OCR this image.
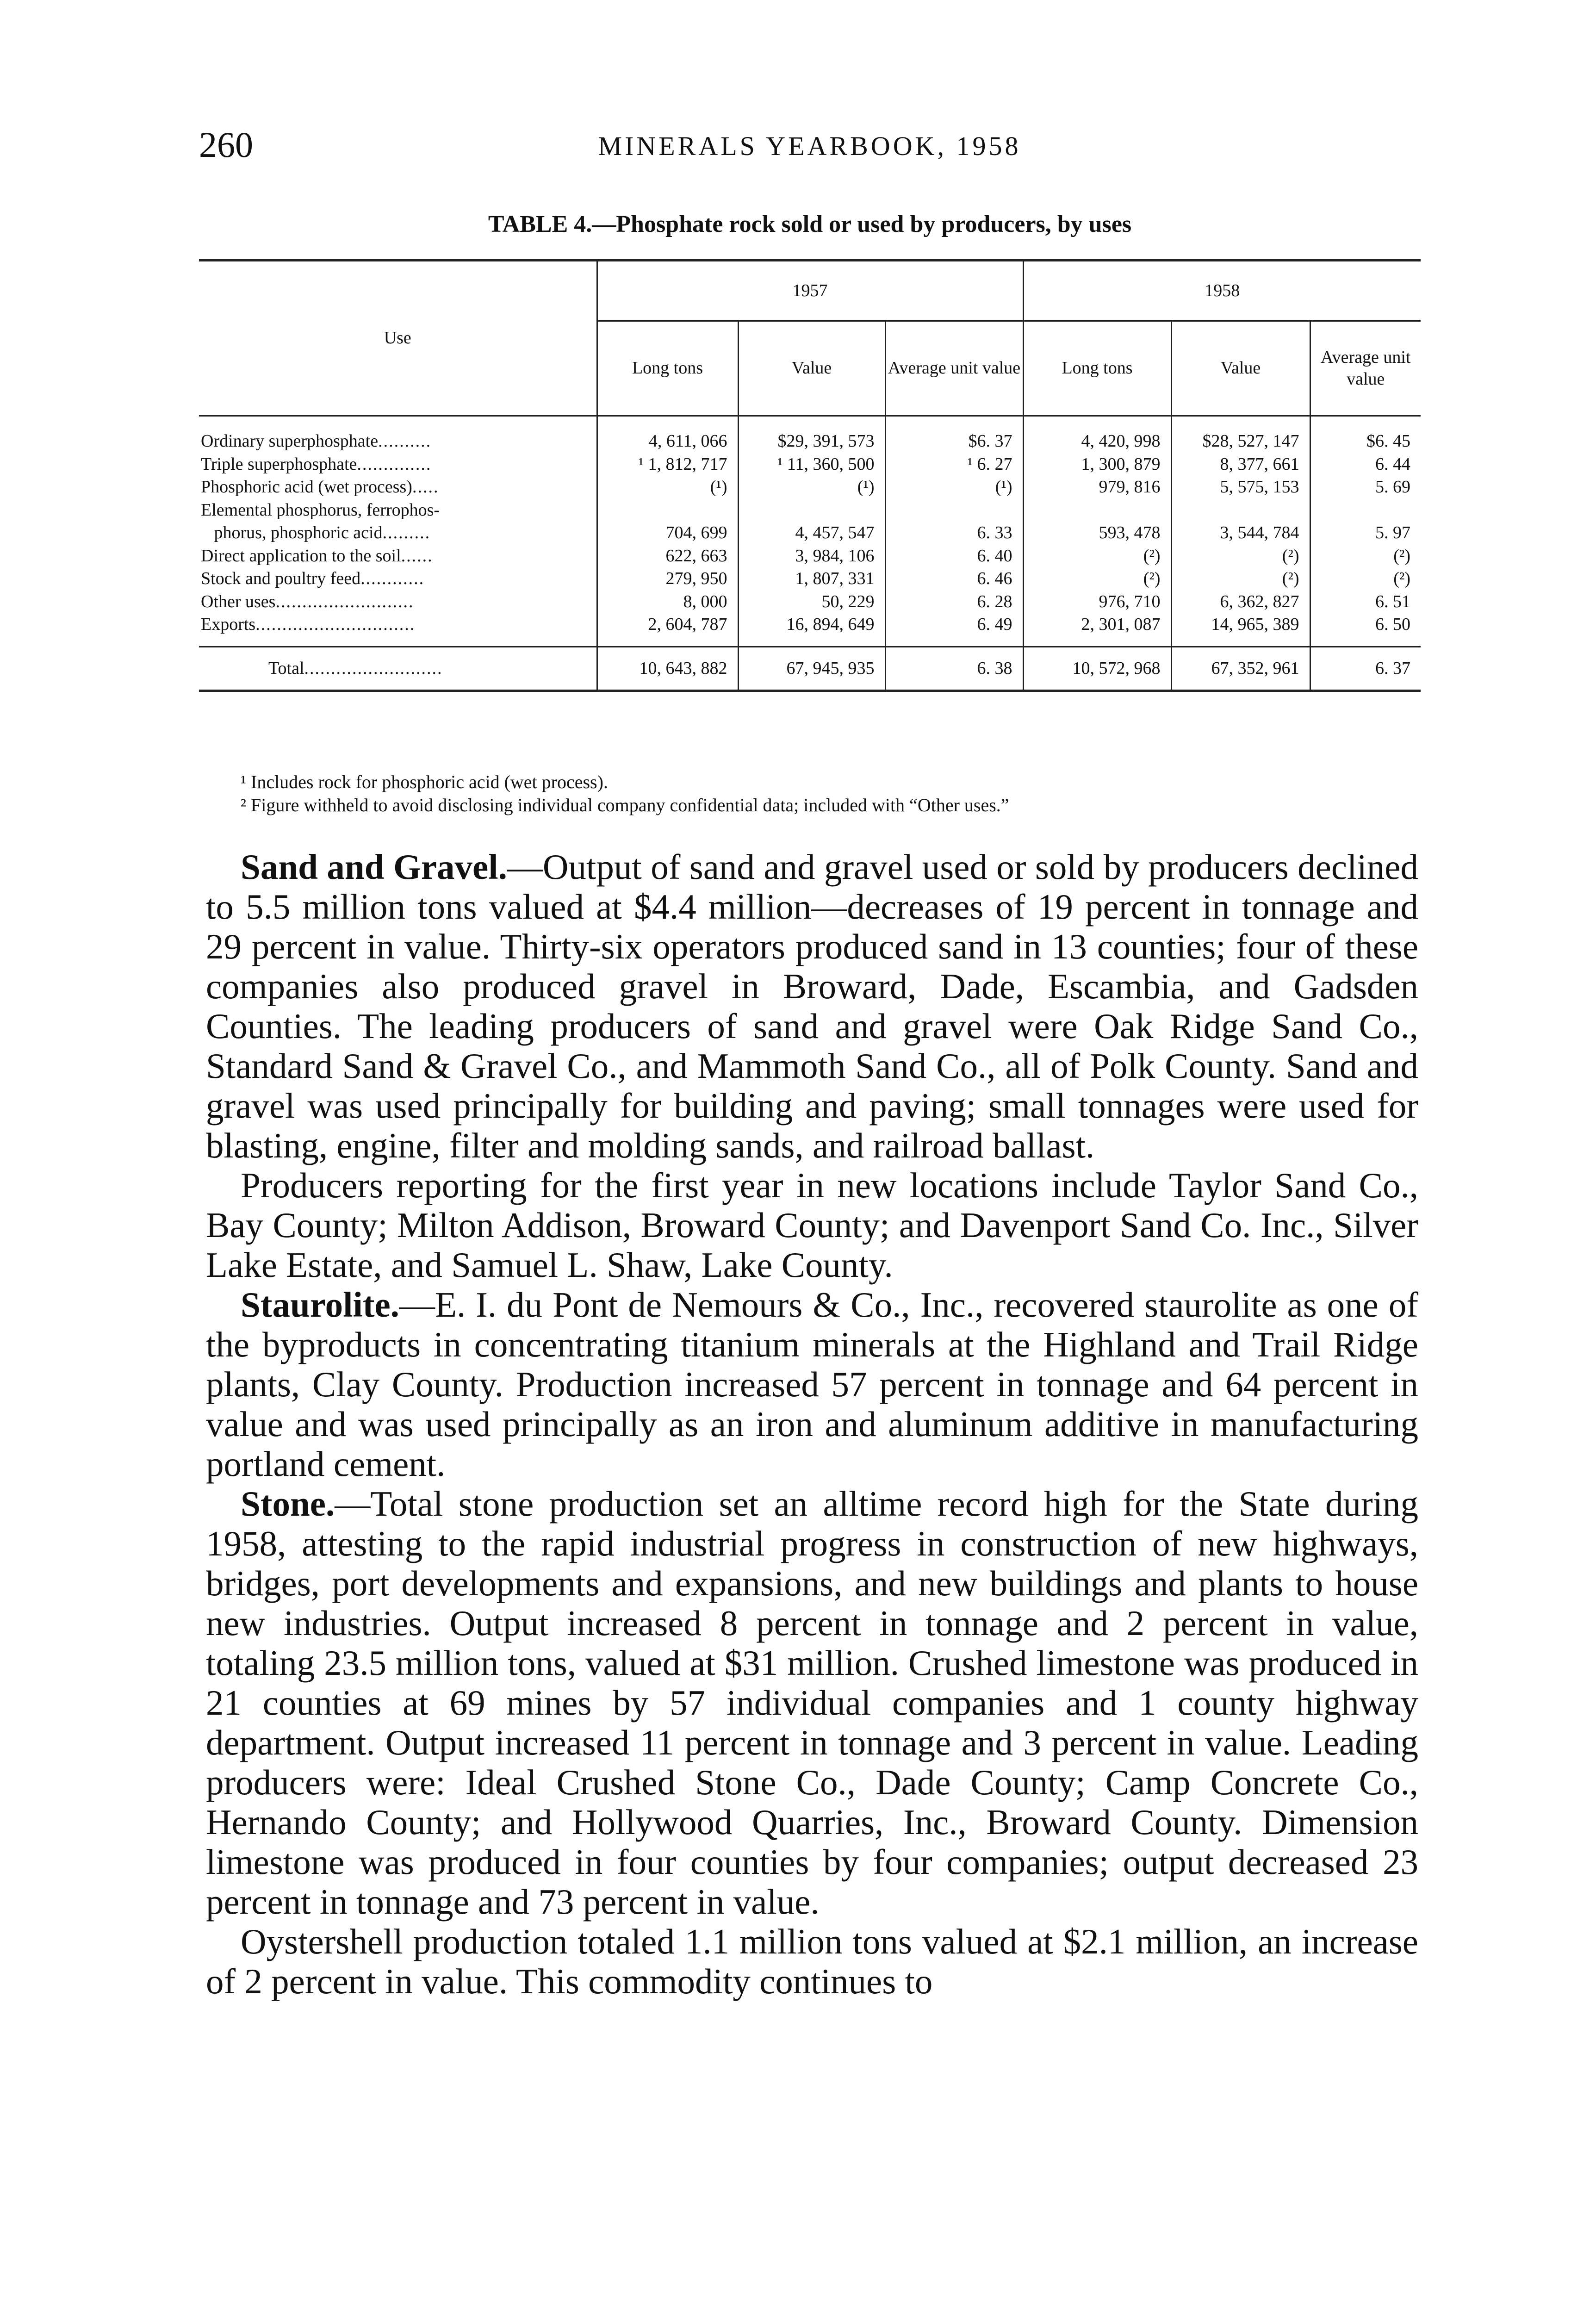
260	MINERALS YEARBOOK, 1958
TABLE 4.—Phosphate rock sold or used by producers, by uses
Use	1957			1958		
	Long tons	Value	Average unit value	Long tons	Value	Average unit value
Ordinary superphosphate..........	4, 611, 066	$29, 391, 573	$6. 37	4, 420, 998	$28, 527, 147	$6. 45
Triple superphosphate..............	¹ 1, 812, 717	¹ 11, 360, 500	¹ 6. 27	1, 300, 879	8, 377, 661	6. 44
Phosphoric acid (wet process).....	(¹)	(¹)	(¹)	979, 816	5, 575, 153	5. 69
Elemental phosphorus, ferrophos-						
phorus, phosphoric acid.........	704, 699	4, 457, 547	6. 33	593, 478	3, 544, 784	5. 97
Direct application to the soil......	622, 663	3, 984, 106	6. 40	(²)	(²)	(²)
Stock and poultry feed............	279, 950	1, 807, 331	6. 46	(²)	(²)	(²)
Other uses..........................	8, 000	50, 229	6. 28	976, 710	6, 362, 827	6. 51
Exports..............................	2, 604, 787	16, 894, 649	6. 49	2, 301, 087	14, 965, 389	6. 50
Total..........................	10, 643, 882	67, 945, 935	6. 38	10, 572, 968	67, 352, 961	6. 37

¹ Includes rock for phosphoric acid (wet process).

² Figure withheld to avoid disclosing individual company confidential data; included with “Other uses.”

Sand and Gravel.—Output of sand and gravel used or sold by producers declined to 5.5 million tons valued at $4.4 million—decreases of 19 percent in tonnage and 29 percent in value. Thirty-six operators produced sand in 13 counties; four of these companies also produced gravel in Broward, Dade, Escambia, and Gadsden Counties. The leading producers of sand and gravel were Oak Ridge Sand Co., Standard Sand & Gravel Co., and Mammoth Sand Co., all of Polk County. Sand and gravel was used principally for building and paving; small tonnages were used for blasting, engine, filter and molding sands, and railroad ballast.

Producers reporting for the first year in new locations include Taylor Sand Co., Bay County; Milton Addison, Broward County; and Davenport Sand Co. Inc., Silver Lake Estate, and Samuel L. Shaw, Lake County.

Staurolite.—E. I. du Pont de Nemours & Co., Inc., recovered staurolite as one of the byproducts in concentrating titanium minerals at the Highland and Trail Ridge plants, Clay County. Production increased 57 percent in tonnage and 64 percent in value and was used principally as an iron and aluminum additive in manufacturing portland cement.

Stone.—Total stone production set an alltime record high for the State during 1958, attesting to the rapid industrial progress in construction of new highways, bridges, port developments and expansions, and new buildings and plants to house new industries. Output increased 8 percent in tonnage and 2 percent in value, totaling 23.5 million tons, valued at $31 million. Crushed limestone was produced in 21 counties at 69 mines by 57 individual companies and 1 county highway department. Output increased 11 percent in tonnage and 3 percent in value. Leading producers were: Ideal Crushed Stone Co., Dade County; Camp Concrete Co., Hernando County; and Hollywood Quarries, Inc., Broward County. Dimension limestone was produced in four counties by four companies; output decreased 23 percent in tonnage and 73 percent in value.

Oystershell production totaled 1.1 million tons valued at $2.1 million, an increase of 2 percent in value. This commodity continues to
